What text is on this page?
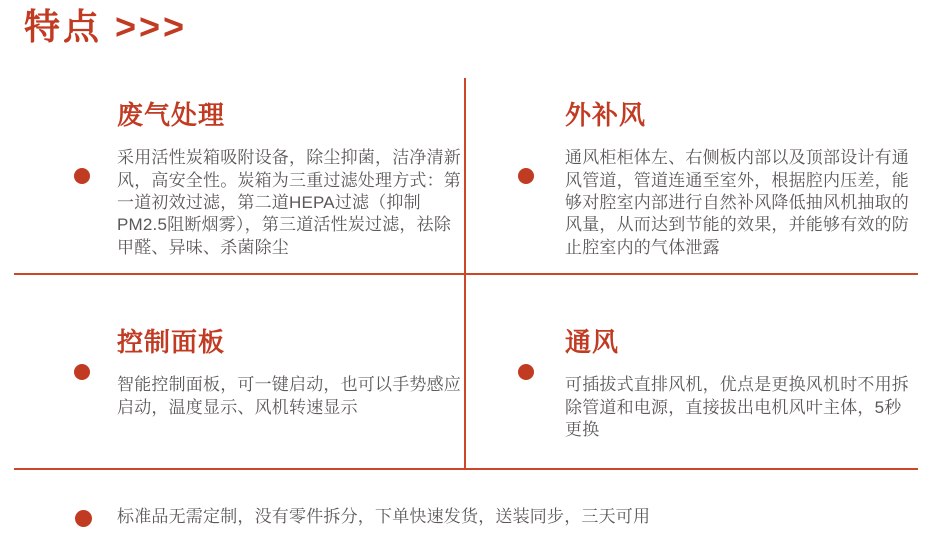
特点 >>>
废气处理

采用活性炭箱吸附设备，除尘抑菌，洁净清新风，高安全性。炭箱为三重过滤处理方式：第一道初效过滤，第二道HEPA过滤（抑制PM2.5阻断烟雾），第三道活性炭过滤，祛除甲醛、异味、杀菌除尘

外补风

通风柜柜体左、右侧板内部以及顶部设计有通风管道，管道连通至室外，根据腔内压差，能够对腔室内部进行自然补风降低抽风机抽取的风量，从而达到节能的效果，并能够有效的防止腔室内的气体泄露

控制面板

智能控制面板，可一键启动，也可以手势感应启动，温度显示、风机转速显示

通风

可插拔式直排风机，优点是更换风机时不用拆除管道和电源，直接拔出电机风叶主体，5秒更换

标准品无需定制，没有零件拆分，下单快速发货，送装同步，三天可用
